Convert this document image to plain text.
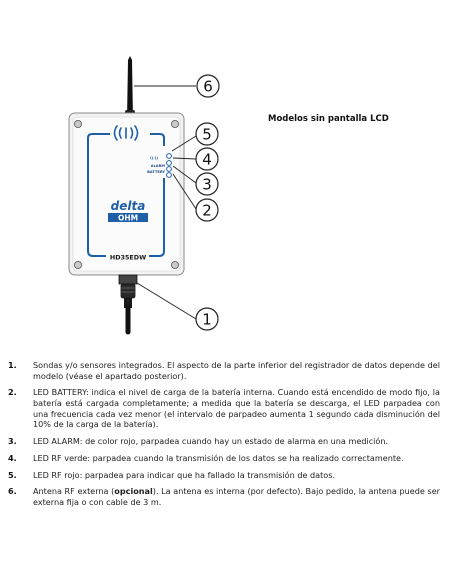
((·))
ALARM
BATTERY
delta
OHM
HD35EDW
6
5
4
3
2
1
Modelos sin pantalla LCD
1. Sondas y/o sensores integrados. El aspecto de la parte inferior del registrador de datos depende del modelo (véase el apartado posterior).
2. LED BATTERY: indica el nivel de carga de la batería interna. Cuando está encendido de modo fijo, la batería está cargada completamente; a medida que la batería se descarga, el LED parpadea con una frecuencia cada vez menor (el intervalo de parpadeo aumenta 1 segundo cada disminución del 10% de la carga de la batería).
3. LED ALARM: de color rojo, parpadea cuando hay un estado de alarma en una medición.
4. LED RF verde: parpadea cuando la transmisión de los datos se ha realizado correctamente.
5. LED RF rojo: parpadea para indicar que ha fallado la transmisión de datos.
6. Antena RF externa (opcional). La antena es interna (por defecto). Bajo pedido, la antena puede ser externa fija o con cable de 3 m.
